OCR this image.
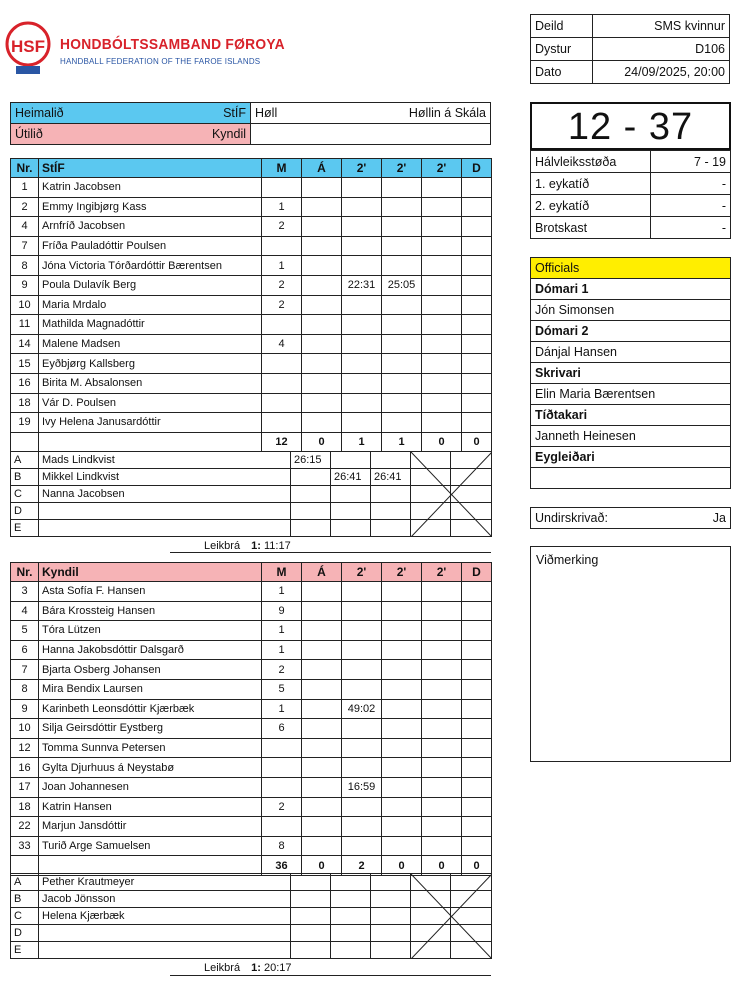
HSF HONDBÓLTSSAMBAND FØROYA
HANDBALL FEDERATION OF THE FAROE ISLANDS
Deild	SMS kvinnur
Dystur	D106
Dato	24/09/2025, 20:00
Heimalið StÍF	Høll Høllin á Skála

Útilið Kyndil	
		12 - 37
Hálvleiksstøða	7 - 19
1. eykatíð	-
2. eykatíð	-
Brotskast	-
Officials
Dómari 1
Jón Simonsen
Dómari 2
Dánjal Hansen
Skrivari
Elin Maria Bærentsen
Tíðtakari
Janneth Heinesen
Eygleiðari

Undirskrivað:	Ja
Viðmerking
Nr.	StÍF	M	Á	2'	2'	2'	D
1	Katrin Jacobsen						
2	Emmy Ingibjørg Kass	1					
4	Arnfríð Jacobsen	2					
7	Fríða Pauladóttir Poulsen						
8	Jóna Victoria Tórðardóttir Bærentsen	1					
9	Poula Dulavík Berg	2		22:31	25:05		
10	Maria Mrdalo	2					
11	Mathilda Magnadóttir						
14	Malene Madsen	4					
15	Eyðbjørg Kallsberg						
16	Birita M. Absalonsen						
18	Vár D. Poulsen						
19	Ivy Helena Janusardóttir						
		12	0	1	1	0	0
A	Mads Lindkvist	26:15				
B	Mikkel Lindkvist		26:41	26:41		
C	Nanna Jacobsen					
D						
E						
Nr.	Kyndil	M	Á	2'	2'	2'	D
3	Asta Sofía F. Hansen	1					
4	Bára Krossteig Hansen	9					
5	Tóra Lützen	1					
6	Hanna Jakobsdóttir Dalsgarð	1					
7	Bjarta Osberg Johansen	2					
8	Mira Bendix Laursen	5					
9	Karinbeth Leonsdóttir Kjærbæk	1		49:02			
10	Silja Geirsdóttir Eystberg	6					
12	Tomma Sunnva Petersen						
16	Gylta Djurhuus á Neystabø						
17	Joan Johannesen			16:59			
18	Katrin Hansen	2					
22	Marjun Jansdóttir						
33	Turið Arge Samuelsen	8					
		36	0	2	0	0	0
A	Pether Krautmeyer					
B	Jacob Jönsson					
C	Helena Kjærbæk					
D						
E						
Leikbrá 1: 11:17
Leikbrá 1: 20:17
